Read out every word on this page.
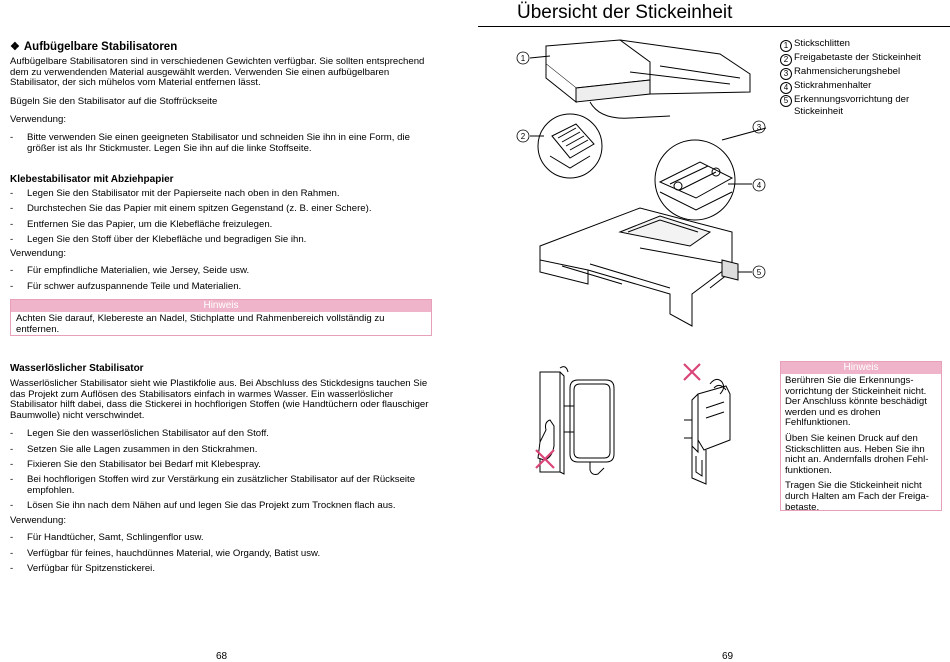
Übersicht der Stickeinheit
❖ Aufbügelbare Stabilisatoren

Aufbügelbare Stabilisatoren sind in verschiedenen Gewichten verfügbar. Sie sollten entsprechend dem zu verwendenden Material ausgewählt werden. Verwenden Sie einen aufbügelbaren Stabilisator, der sich mühelos vom Material entfernen lässt.

Bügeln Sie den Stabilisator auf die Stoffrückseite

Verwendung:

- Bitte verwenden Sie einen geeigneten Stabilisator und schneiden Sie ihn in eine Form, die größer ist als Ihr Stickmuster. Legen Sie ihn auf die linke Stoffseite.

Klebestabilisator mit Abziehpapier

- Legen Sie den Stabilisator mit der Papierseite nach oben in den Rahmen.
- Durchstechen Sie das Papier mit einem spitzen Gegenstand (z. B. einer Schere).
- Entfernen Sie das Papier, um die Klebefläche freizulegen.
- Legen Sie den Stoff über der Klebefläche und begradigen Sie ihn.

Verwendung:

- Für empfindliche Materialien, wie Jersey, Seide usw.
- Für schwer aufzuspannende Teile und Materialien.
Hinweis

Achten Sie darauf, Klebereste an Nadel, Stichplatte und Rahmenbereich vollständig zu entfernen.

Wasserlöslicher Stabilisator

Wasserlöslicher Stabilisator sieht wie Plastikfolie aus. Bei Abschluss des Stickdesigns tauchen Sie das Projekt zum Auflösen des Stabilisators einfach in warmes Wasser. Ein wasserlöslicher Stabilisator hilft dabei, dass die Stickerei in hochflorigen Stoffen (wie Handtüchern oder flauschiger Baumwolle) nicht verschwindet.

- Legen Sie den wasserlöslichen Stabilisator auf den Stoff.
- Setzen Sie alle Lagen zusammen in den Stickrahmen.
- Fixieren Sie den Stabilisator bei Bedarf mit Klebespray.
- Bei hochflorigen Stoffen wird zur Verstärkung ein zusätzlicher Stabilisator auf der Rückseite empfohlen.
- Lösen Sie ihn nach dem Nähen auf und legen Sie das Projekt zum Trocknen flach aus.

Verwendung:

- Für Handtücher, Samt, Schlingenflor usw.
- Verfügbar für feines, hauchdünnes Material, wie Organdy, Batist usw.
- Verfügbar für Spitzenstickerei.
68
1
2
3
4
5
1 Stickschlitten
2 Freigabetaste der Stickeinheit
3 Rahmensicherungshebel
4 Stickrahmenhalter
5 Erkennungsvorrichtung der Stickeinheit
Hinweis

Berühren Sie die Erkennungs-vorrichtung der Stickeinheit nicht. Der Anschluss könnte beschädigt werden und es drohen Fehlfunktionen.

Üben Sie keinen Druck auf den Stickschlitten aus. Heben Sie ihn nicht an. Andernfalls drohen Fehl-funktionen.

Tragen Sie die Stickeinheit nicht durch Halten am Fach der Freiga-betaste.

69
